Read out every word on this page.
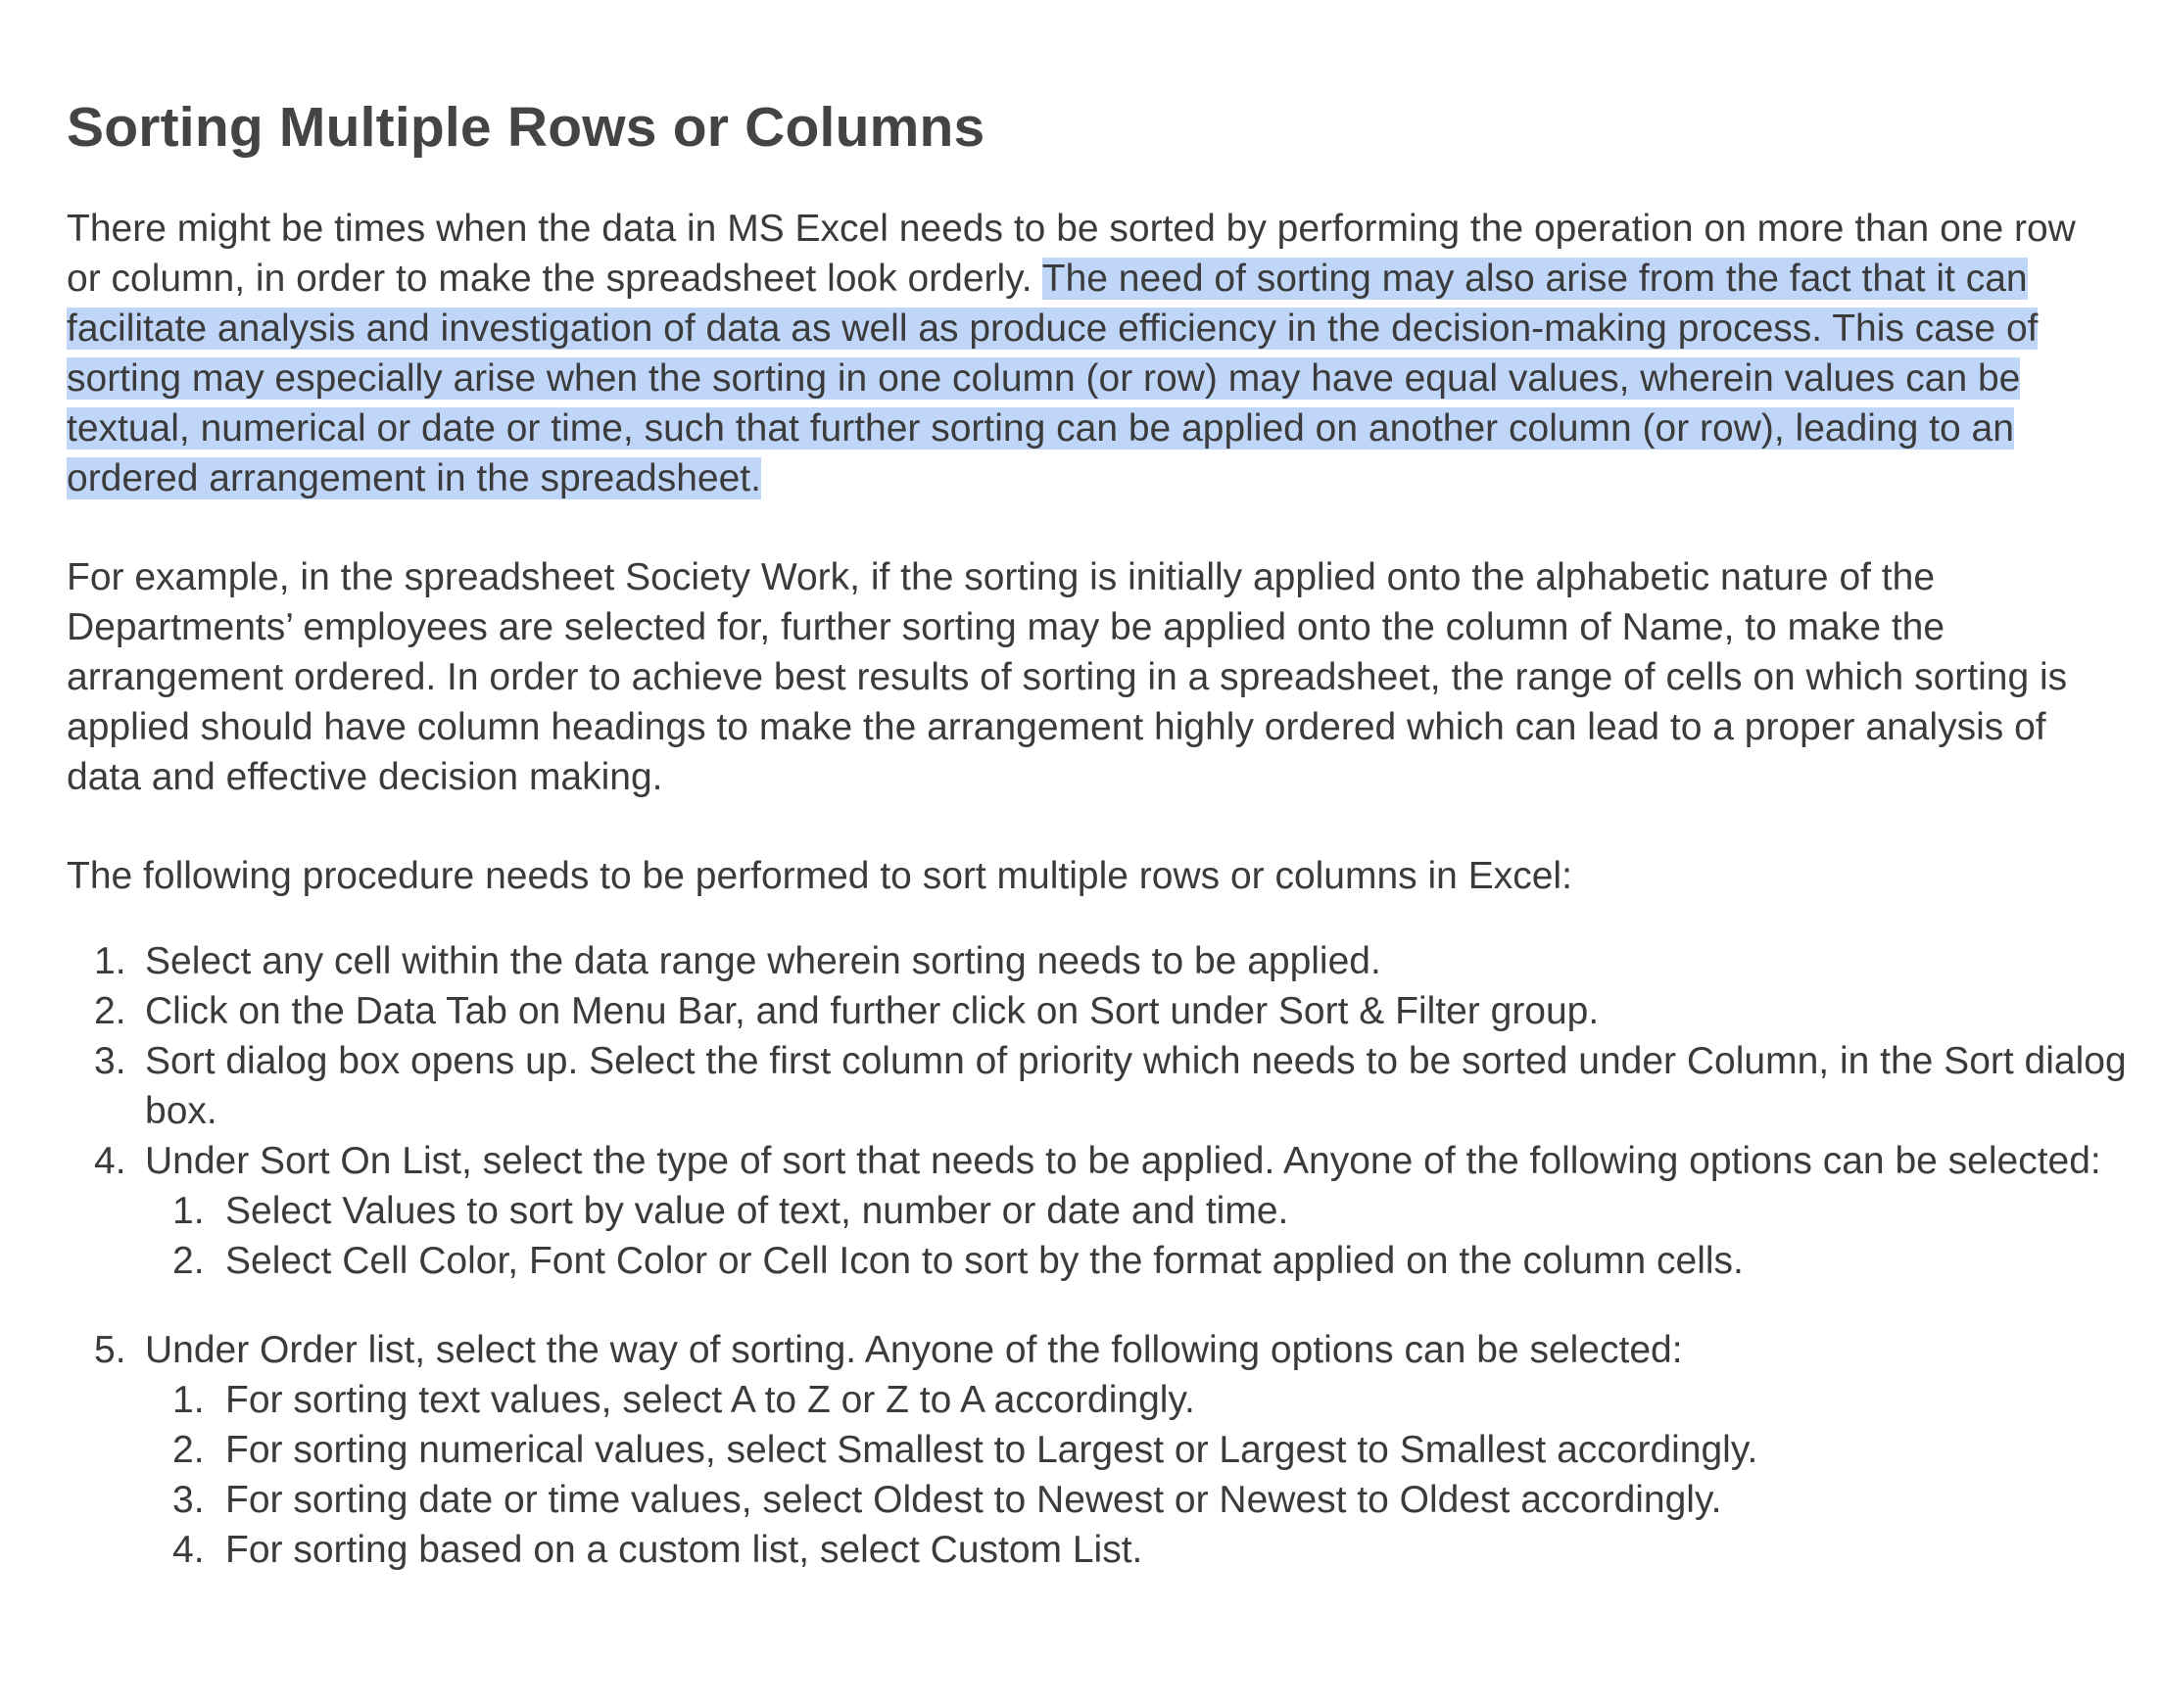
Sorting Multiple Rows or Columns

There might be times when the data in MS Excel needs to be sorted by performing the operation on more than one row or column, in order to make the spreadsheet look orderly. The need of sorting may also arise from the fact that it can facilitate analysis and investigation of data as well as produce efficiency in the decision-making process. This case of sorting may especially arise when the sorting in one column (or row) may have equal values, wherein values can be textual, numerical or date or time, such that further sorting can be applied on another column (or row), leading to an ordered arrangement in the spreadsheet.

For example, in the spreadsheet Society Work, if the sorting is initially applied onto the alphabetic nature of the Departments’ employees are selected for, further sorting may be applied onto the column of Name, to make the arrangement ordered. In order to achieve best results of sorting in a spreadsheet, the range of cells on which sorting is applied should have column headings to make the arrangement highly ordered which can lead to a proper analysis of data and effective decision making.

The following procedure needs to be performed to sort multiple rows or columns in Excel:

1. Select any cell within the data range wherein sorting needs to be applied.
2. Click on the Data Tab on Menu Bar, and further click on Sort under Sort & Filter group.
3. Sort dialog box opens up. Select the first column of priority which needs to be sorted under Column, in the Sort dialog box.
4. Under Sort On List, select the type of sort that needs to be applied. Anyone of the following options can be selected:
1. Select Values to sort by value of text, number or date and time.
2. Select Cell Color, Font Color or Cell Icon to sort by the format applied on the column cells.
5. Under Order list, select the way of sorting. Anyone of the following options can be selected:
1. For sorting text values, select A to Z or Z to A accordingly.
2. For sorting numerical values, select Smallest to Largest or Largest to Smallest accordingly.
3. For sorting date or time values, select Oldest to Newest or Newest to Oldest accordingly.
4. For sorting based on a custom list, select Custom List.
